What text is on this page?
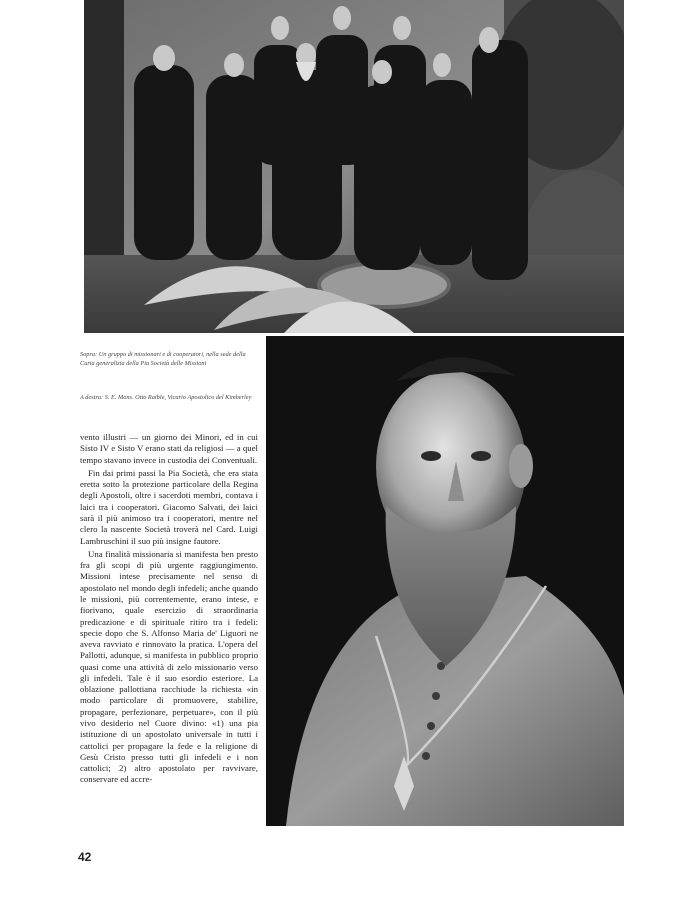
Sopra: Un gruppo di missionari e di cooperatori, nella sede della Curia generalizia della Pia Società delle Missioni
A destra: S. E. Mons. Otto Raible, Vicario Apostolico del Kimberley

vento illustri — un giorno dei Minori, ed in cui Sisto IV e Sisto V erano stati da religiosi — a quel tempo stavano invece in custodia dei Conventuali.

Fin dai primi passi la Pia Società, che era stata eretta sotto la protezione particolare della Regina degli Apostoli, oltre i sacerdoti membri, contava i laici tra i cooperatori. Giacomo Salvati, dei laici sarà il più animoso tra i cooperatori, mentre nel clero la nascente Società troverà nel Card. Luigi Lambruschini il suo più insigne fautore.

Una finalità missionaria si manifesta ben presto fra gli scopi di più urgente raggiungimento. Missioni intese precisamente nel senso di apostolato nel mondo degli infedeli; anche quando le missioni, più correntemente, erano intese, e fiorivano, quale esercizio di straordinaria predicazione e di spirituale ritiro tra i fedeli: specie dopo che S. Alfonso Maria de' Liguori ne aveva ravviato e rinnovato la pratica. L'opera del Pallotti, adunque, si manifesta in pubblico proprio quasi come una attività di zelo missionario verso gli infedeli. Tale è il suo esordio esteriore. La oblazione pallottiana racchiude la richiesta «in modo particolare di promuovere, stabilire, propagare, perfezionare, perpetuare», con il più vivo desiderio nel Cuore divino: «1) una pia istituzione di un apostolato universale in tutti i cattolici per propagare la fede e la religione di Gesù Cristo presso tutti gli infedeli e i non cattolici; 2) altro apostolato per ravvivare, conservare ed accre-

42
